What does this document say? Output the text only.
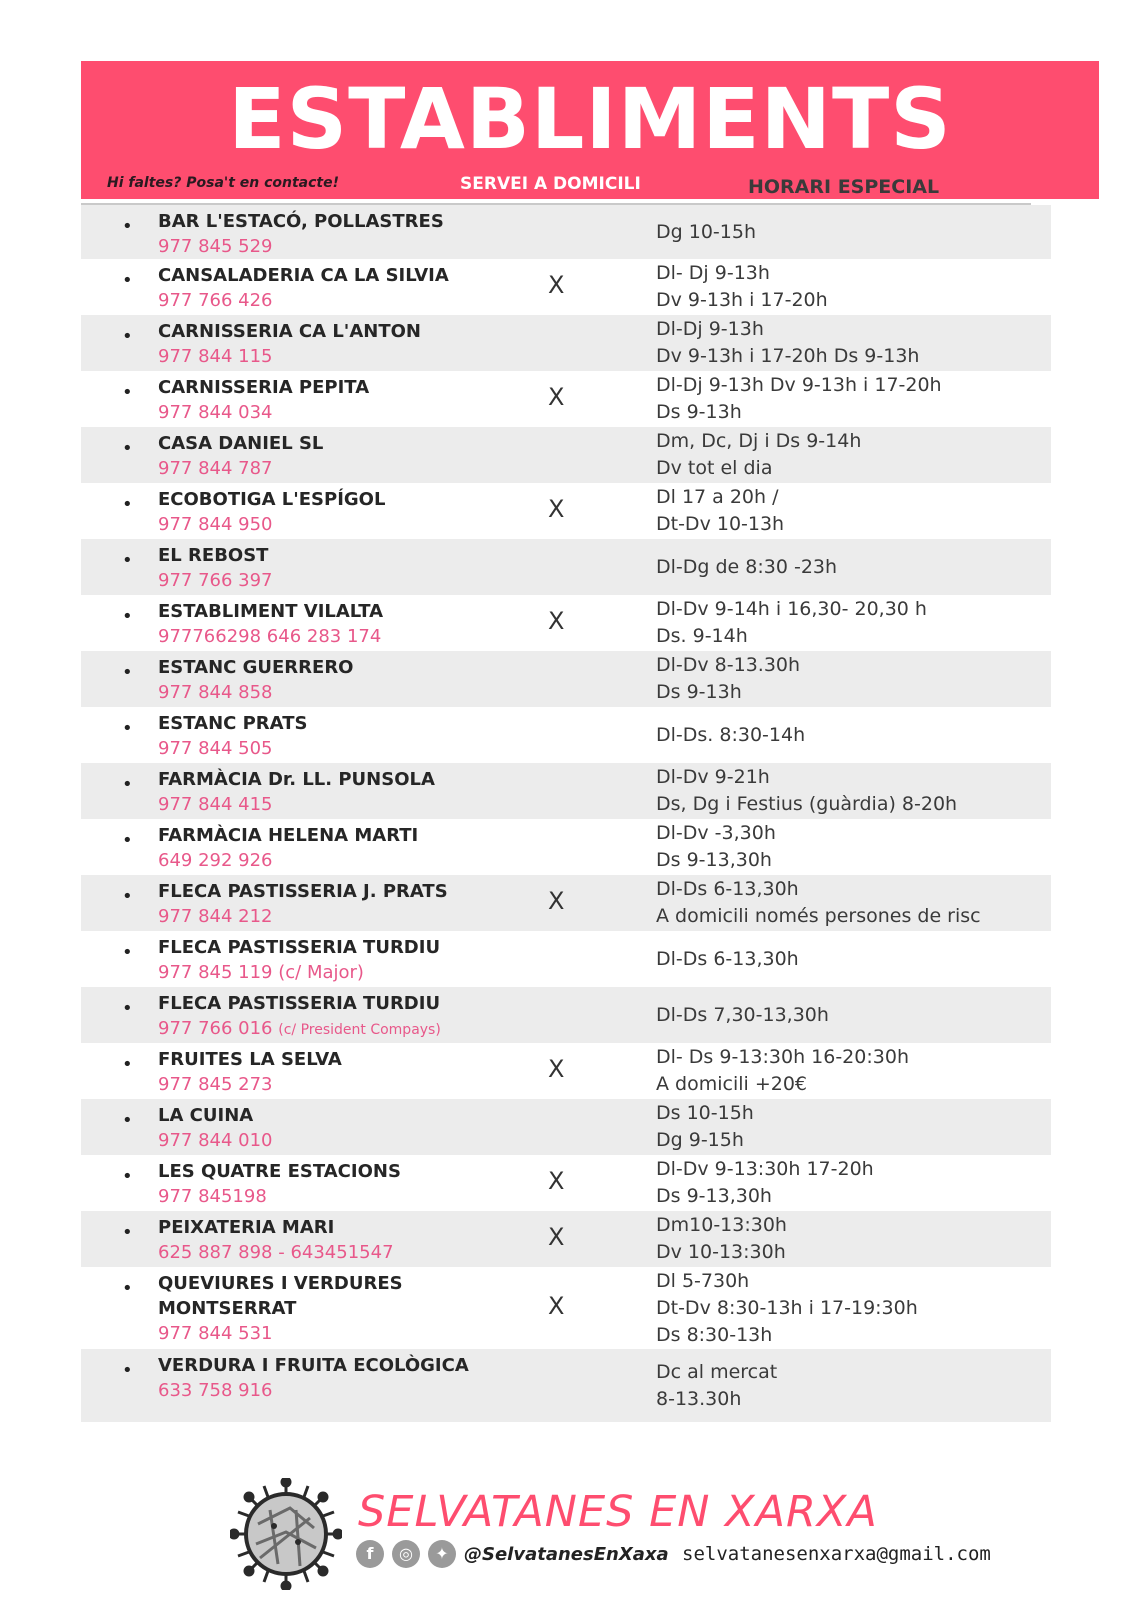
ESTABLIMENTS
Hi faltes? Posa't en contacte!	SERVEI A DOMICILI	HORARI ESPECIAL
• BAR L'ESTACÓ, POLLASTRES
977 845 529
Dg 10-15h
• CANSALADERIA CA LA SILVIA
977 766 426
X	Dl- Dj 9-13h
Dv 9-13h i 17-20h
• CARNISSERIA CA L'ANTON
977 844 115
Dl-Dj 9-13h
Dv 9-13h i 17-20h Ds 9-13h
• CARNISSERIA PEPITA
977 844 034
X	Dl-Dj 9-13h Dv 9-13h i 17-20h
Ds 9-13h
• CASA DANIEL SL
977 844 787
Dm, Dc, Dj i Ds 9-14h
Dv tot el dia
• ECOBOTIGA L'ESPÍGOL
977 844 950
X	Dl 17 a 20h /
Dt-Dv 10-13h
• EL REBOST
977 766 397
Dl-Dg de 8:30 -23h
• ESTABLIMENT VILALTA
977766298 646 283 174
X	Dl-Dv 9-14h i 16,30- 20,30 h
Ds. 9-14h
• ESTANC GUERRERO
977 844 858
Dl-Dv 8-13.30h
Ds 9-13h
• ESTANC PRATS
977 844 505
Dl-Ds. 8:30-14h
• FARMÀCIA Dr. LL. PUNSOLA
977 844 415
Dl-Dv 9-21h
Ds, Dg i Festius (guàrdia) 8-20h
• FARMÀCIA HELENA MARTI
649 292 926
Dl-Dv -3,30h
Ds 9-13,30h
• FLECA PASTISSERIA J. PRATS
977 844 212
X	Dl-Ds 6-13,30h
A domicili només persones de risc
• FLECA PASTISSERIA TURDIU
977 845 119 (c/ Major)
Dl-Ds 6-13,30h
• FLECA PASTISSERIA TURDIU
977 766 016 (c/ President Compays)
Dl-Ds 7,30-13,30h
• FRUITES LA SELVA
977 845 273
X	Dl- Ds 9-13:30h 16-20:30h
A domicili +20€
• LA CUINA
977 844 010
Ds 10-15h
Dg 9-15h
• LES QUATRE ESTACIONS
977 845198
X	Dl-Dv 9-13:30h 17-20h
Ds 9-13,30h
• PEIXATERIA MARI
625 887 898 - 643451547
X	Dm10-13:30h
Dv 10-13:30h
• QUEVIURES I VERDURES MONTSERRAT
977 844 531
X
Dl 5-730h
Dt-Dv 8:30-13h i 17-19:30h
Ds 8:30-13h
• VERDURA I FRUITA ECOLÒGICA
633 758 916
Dc al mercat
8-13.30h
SELVATANES EN XARXA
f	◎	✦ @SelvatanesEnXaxa selvatanesenxarxa@gmail.com
